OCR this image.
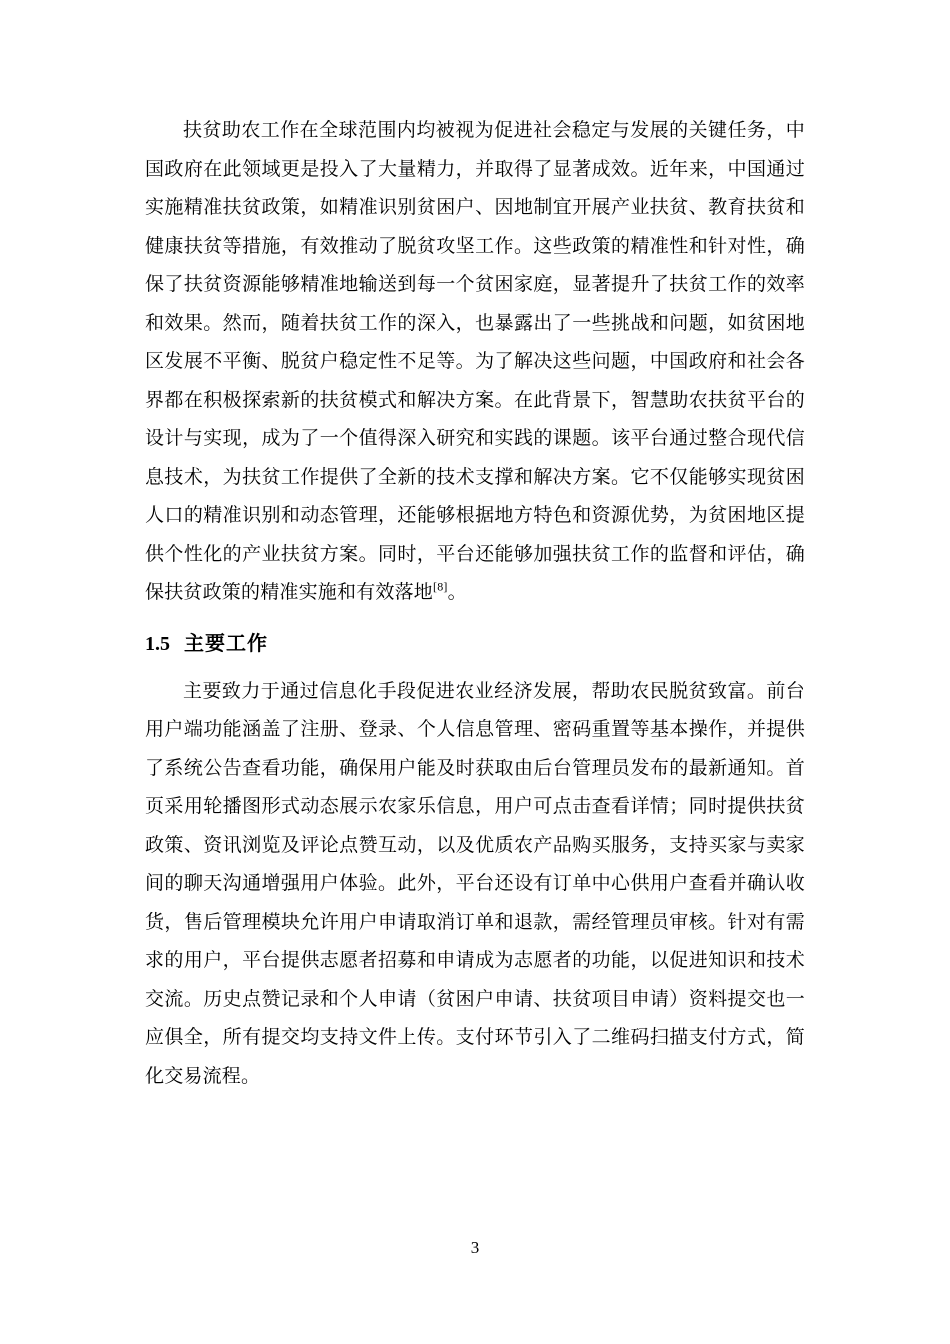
扶贫助农工作在全球范围内均被视为促进社会稳定与发展的关键任务，中国政府在此领域更是投入了大量精力，并取得了显著成效。近年来，中国通过实施精准扶贫政策，如精准识别贫困户、因地制宜开展产业扶贫、教育扶贫和健康扶贫等措施，有效推动了脱贫攻坚工作。这些政策的精准性和针对性，确保了扶贫资源能够精准地输送到每一个贫困家庭，显著提升了扶贫工作的效率和效果。然而，随着扶贫工作的深入，也暴露出了一些挑战和问题，如贫困地区发展不平衡、脱贫户稳定性不足等。为了解决这些问题，中国政府和社会各界都在积极探索新的扶贫模式和解决方案。在此背景下，智慧助农扶贫平台的设计与实现，成为了一个值得深入研究和实践的课题。该平台通过整合现代信息技术，为扶贫工作提供了全新的技术支撑和解决方案。它不仅能够实现贫困人口的精准识别和动态管理，还能够根据地方特色和资源优势，为贫困地区提供个性化的产业扶贫方案。同时，平台还能够加强扶贫工作的监督和评估，确保扶贫政策的精准实施和有效落地[8]。

1.5 主要工作

主要致力于通过信息化手段促进农业经济发展，帮助农民脱贫致富。前台用户端功能涵盖了注册、登录、个人信息管理、密码重置等基本操作，并提供了系统公告查看功能，确保用户能及时获取由后台管理员发布的最新通知。首页采用轮播图形式动态展示农家乐信息，用户可点击查看详情；同时提供扶贫政策、资讯浏览及评论点赞互动，以及优质农产品购买服务，支持买家与卖家间的聊天沟通增强用户体验。此外，平台还设有订单中心供用户查看并确认收货，售后管理模块允许用户申请取消订单和退款，需经管理员审核。针对有需求的用户，平台提供志愿者招募和申请成为志愿者的功能，以促进知识和技术交流。历史点赞记录和个人申请（贫困户申请、扶贫项目申请）资料提交也一应俱全，所有提交均支持文件上传。支付环节引入了二维码扫描支付方式，简化交易流程。

3
